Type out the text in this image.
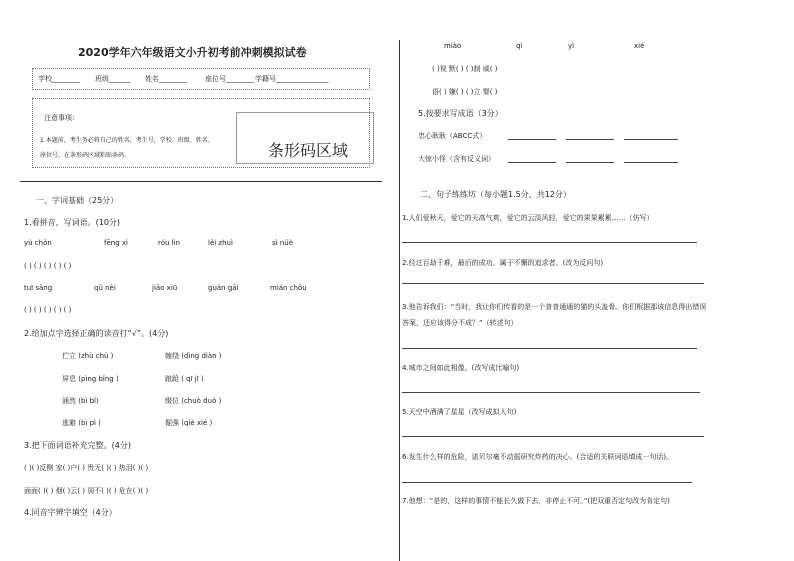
2020学年六年级语文小升初考前冲刺模拟试卷
学校________ 班级______ 姓名________	座位号________ 学籍号_______________
注意事项：
1.本题前，考生务必将自己的姓名，考生号，学校、班级、姓名、
座位号、在条形码区域粘贴条码。	条形码区域
一、字词基础（25分）
1.看拼音，写词语。(10分)
yù chǒn	fēng xì	róu lìn	lěi zhuì	sì nüè
( ) ( ) ( ) ( ) ( )
tuī sāng	qǔ nèi	jiāo xiū	guàn gāi	mián chǒu
( ) ( ) ( ) ( ) ( )
2.给加点字选择正确的读音打“√”。(4分)
伫立 (zhù chù )	缠绕 (dìng diàn )
屏息 (pìng bǐng )	踉跄 ( qī jī )
涌然 (bì bǐ)	缀位 (chuò duò )
逃避 (bì pì )	倔强 (qiè xié )
3.把下面词语补充完整。(4分)
( )( )反侧 家( )户( ) 贵无( )( ) 热泪( )( )
面面( )( ) 烟( )云( ) 弱不( )( ) 危在( )( )
4.同音字辨字填空（4分）
miào	qì	yì	xié
( )视 默( ) ( )制 威( )
语( ) 嫌( ) ( )立 婴( )
5.按要求写成语（3分）
忠心耿耿（ABCC式）
大惊小怪（含有反义词）
二、句子练练坊（每小题1.5分，共12分）
1.人们爱秋天，爱它的天高气爽，爱它的云淡风轻，爱它的果果累累……（仿写）
2.经过百劫千难，最后的成功，属于不懈的追求者。(改为反问句)
3.他告诉我们：“当时，我让你们传看的是一个普普通通的猫的头盖骨。你们根据那该信息得出错误
答案，还应该得分不成？”（转述句）
4.城市之间如此相像。(改写成比喻句)
5.天空中酒满了星星（改写成拟人句)
6.发生什么样的危险，诺贝尔毫不动摇研究炸药的决心。(合适的关联词语填成一句话)。
7.他想：“是的，这样的事情不能长久做下去，非停止不可。”(把双重否定句改为肯定句)
